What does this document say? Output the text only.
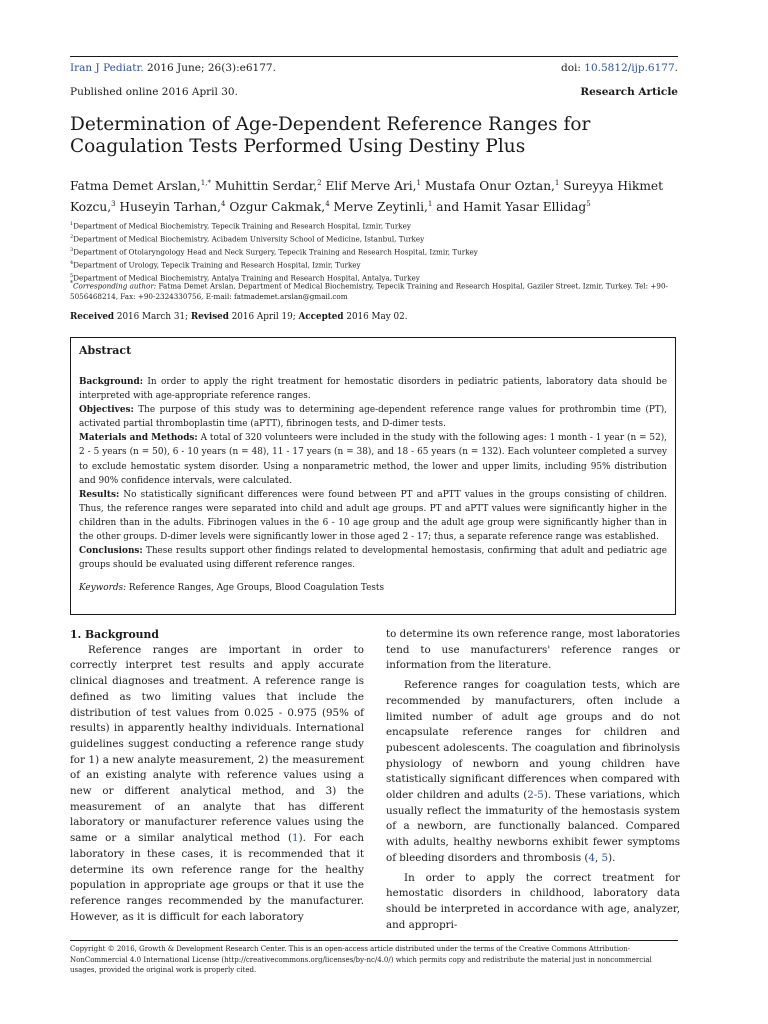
Iran J Pediatr. 2016 June; 26(3):e6177.	doi: 10.5812/ijp.6177.
Published online 2016 April 30.	Research Article
Determination of Age-Dependent Reference Ranges for Coagulation Tests Performed Using Destiny Plus
Fatma Demet Arslan,$^{1,*}$ Muhittin Serdar,$^2$ Elif Merve Ari,$^1$ Mustafa Onur Oztan,$^1$ Sureyya Hikmet Kozcu,$^3$ Huseyin Tarhan,$^4$ Ozgur Cakmak,$^4$ Merve Zeytinli,$^1$ and Hamit Yasar Ellidag$^5$
$^1$Department of Medical Biochemistry, Tepecik Training and Research Hospital, Izmir, Turkey
$^2$Department of Medical Biochemistry, Acibadem University School of Medicine, Istanbul, Turkey
$^3$Department of Otolaryngology Head and Neck Surgery, Tepecik Training and Research Hospital, Izmir, Turkey
$^4$Department of Urology, Tepecik Training and Research Hospital, Izmir, Turkey
$^5$Department of Medical Biochemistry, Antalya Training and Research Hospital, Antalya, Turkey
*Corresponding author: Fatma Demet Arslan, Department of Medical Biochemistry, Tepecik Training and Research Hospital, Gaziler Street, Izmir, Turkey. Tel: +90-5056468214, Fax: +90-2324330756, E-mail: fatmademet.arslan@gmail.com
Received 2016 March 31; Revised 2016 April 19; Accepted 2016 May 02.
Abstract

Background: In order to apply the right treatment for hemostatic disorders in pediatric patients, laboratory data should be interpreted with age-appropriate reference ranges.

Objectives: The purpose of this study was to determining age-dependent reference range values for prothrombin time (PT), activated partial thromboplastin time (aPTT), fibrinogen tests, and D-dimer tests.

Materials and Methods: A total of 320 volunteers were included in the study with the following ages: 1 month - 1 year (n = 52), 2 - 5 years (n = 50), 6 - 10 years (n = 48), 11 - 17 years (n = 38), and 18 - 65 years (n = 132). Each volunteer completed a survey to exclude hemostatic system disorder. Using a nonparametric method, the lower and upper limits, including 95% distribution and 90% confidence intervals, were calculated.

Results: No statistically significant differences were found between PT and aPTT values in the groups consisting of children. Thus, the reference ranges were separated into child and adult age groups. PT and aPTT values were significantly higher in the children than in the adults. Fibrinogen values in the 6 - 10 age group and the adult age group were significantly higher than in the other groups. D-dimer levels were significantly lower in those aged 2 - 17; thus, a separate reference range was established.

Conclusions: These results support other findings related to developmental hemostasis, confirming that adult and pediatric age groups should be evaluated using different reference ranges.

Keywords: Reference Ranges, Age Groups, Blood Coagulation Tests

1. Background

Reference ranges are important in order to correctly interpret test results and apply accurate clinical diagnoses and treatment. A reference range is defined as two limiting values that include the distribution of test values from 0.025 - 0.975 (95% of results) in apparently healthy individuals. International guidelines suggest conducting a reference range study for 1) a new analyte measurement, 2) the measurement of an existing analyte with reference values using a new or different analytical method, and 3) the measurement of an analyte that has different laboratory or manufacturer reference values using the same or a similar analytical method (1). For each laboratory in these cases, it is recommended that it determine its own reference range for the healthy population in appropriate age groups or that it use the reference ranges recommended by the manufacturer. However, as it is difficult for each laboratory

to determine its own reference range, most laboratories tend to use manufacturers' reference ranges or information from the literature.

Reference ranges for coagulation tests, which are recommended by manufacturers, often include a limited number of adult age groups and do not encapsulate reference ranges for children and pubescent adolescents. The coagulation and fibrinolysis physiology of newborn and young children have statistically significant differences when compared with older children and adults (2-5). These variations, which usually reflect the immaturity of the hemostasis system of a newborn, are functionally balanced. Compared with adults, healthy newborns exhibit fewer symptoms of bleeding disorders and thrombosis (4, 5).

In order to apply the correct treatment for hemostatic disorders in childhood, laboratory data should be interpreted in accordance with age, analyzer, and appropri-

Copyright © 2016, Growth & Development Research Center. This is an open-access article distributed under the terms of the Creative Commons Attribution-NonCommercial 4.0 International License (http://creativecommons.org/licenses/by-nc/4.0/) which permits copy and redistribute the material just in noncommercial usages, provided the original work is properly cited.
